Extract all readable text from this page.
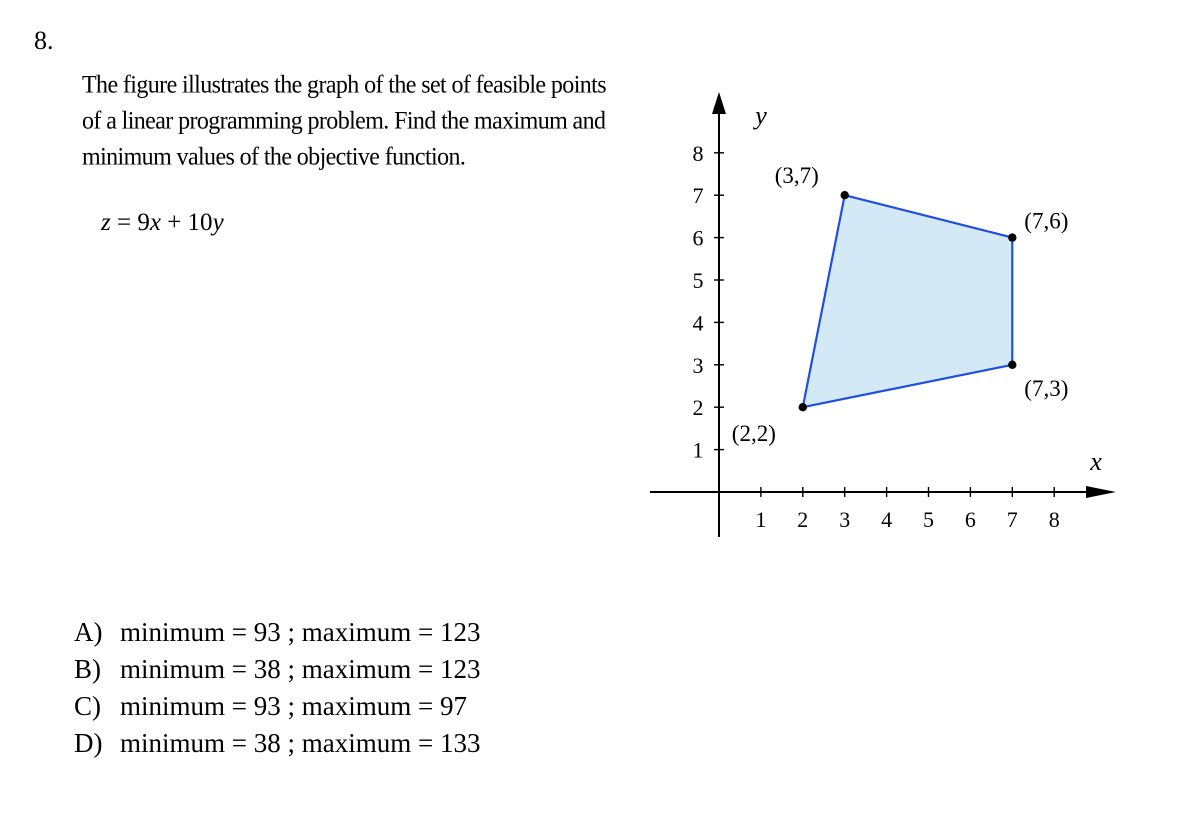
8.
The figure illustrates the graph of the set of feasible points
of a linear programming problem. Find the maximum and
minimum values of the objective function.
z = 9x + 10y
A) minimum = 93 ; maximum = 123
B) minimum = 38 ; maximum = 123
C) minimum = 93 ; maximum = 97
D) minimum = 38 ; maximum = 133
1 2 3 4 5 6 7 8
1
2
3
4
5
6
7
8
x
y
(2,2)
(3,7)
(7,6)
(7,3)
